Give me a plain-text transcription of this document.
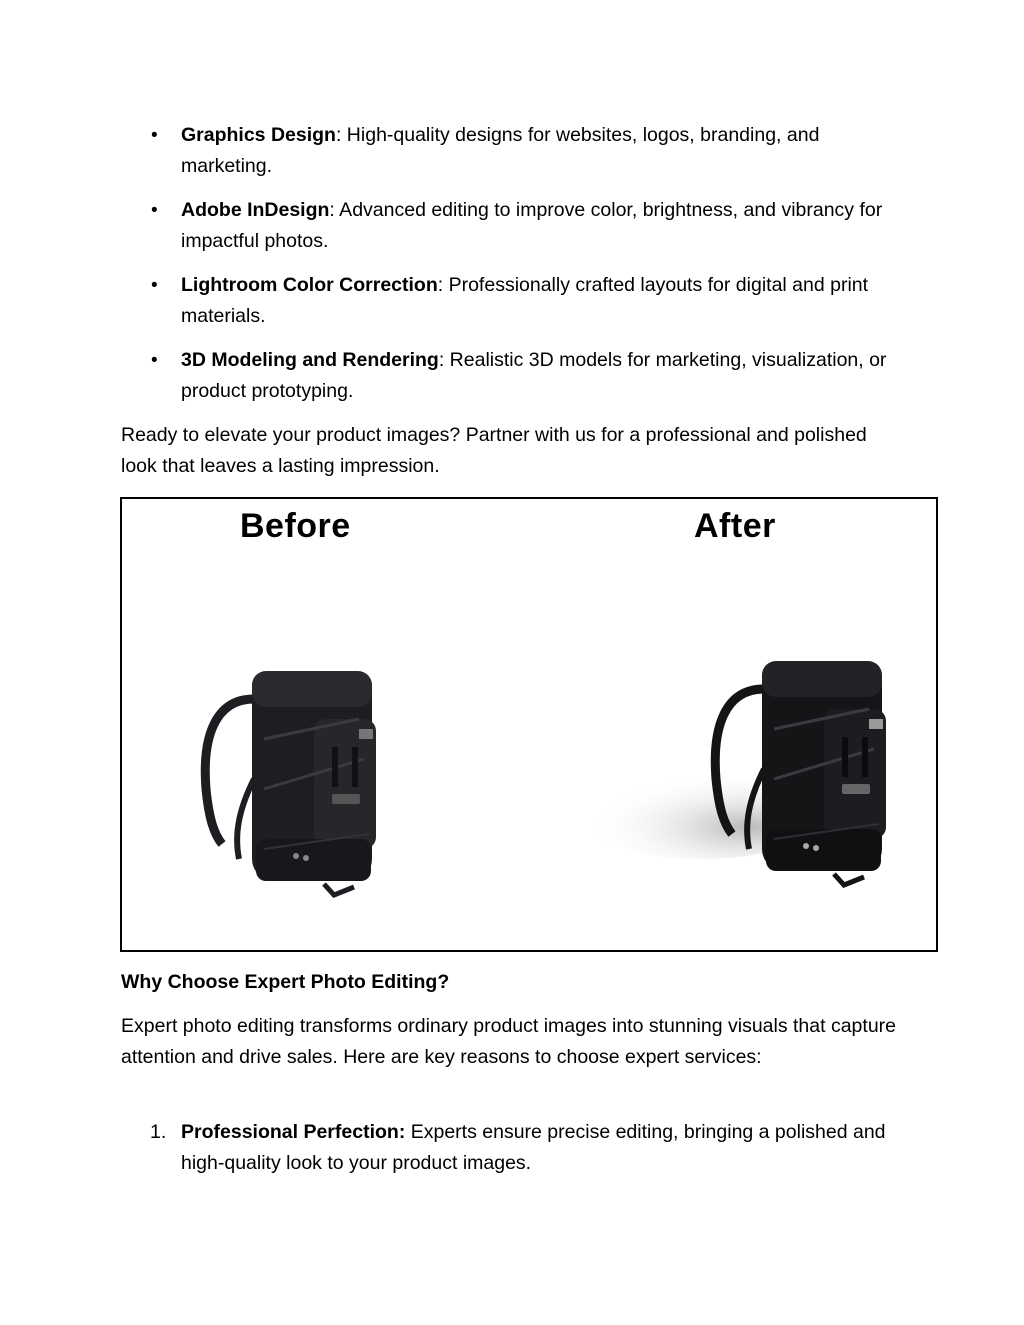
• Graphics Design: High-quality designs for websites, logos, branding, and marketing.
• Adobe InDesign: Advanced editing to improve color, brightness, and vibrancy for impactful photos.
• Lightroom Color Correction: Professionally crafted layouts for digital and print materials.
• 3D Modeling and Rendering: Realistic 3D models for marketing, visualization, or product prototyping.

Ready to elevate your product images? Partner with us for a professional and polished look that leaves a lasting impression.

Before	After

Why Choose Expert Photo Editing?

Expert photo editing transforms ordinary product images into stunning visuals that capture attention and drive sales. Here are key reasons to choose expert services:

1. Professional Perfection: Experts ensure precise editing, bringing a polished and high-quality look to your product images.
